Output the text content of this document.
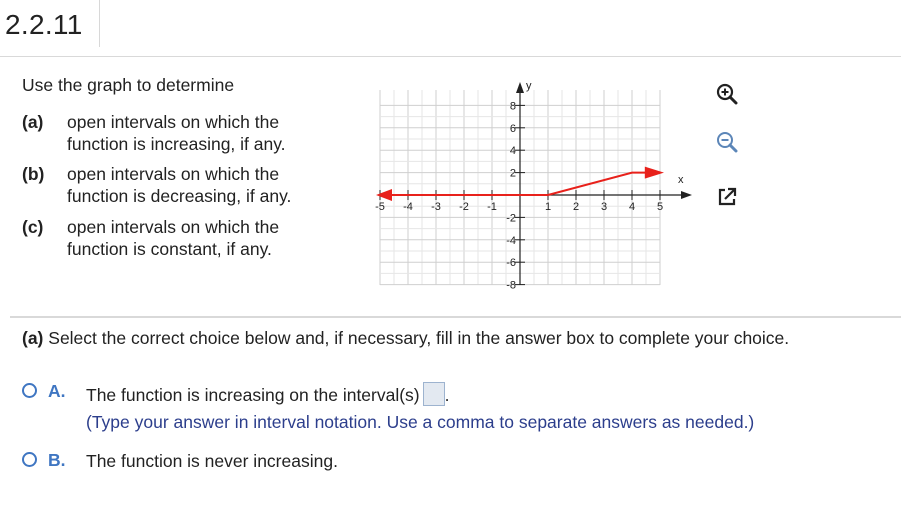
2.2.11
Use the graph to determine
(a) open intervals on which the
function is increasing, if any.
(b) open intervals on which the
function is decreasing, if any.
(c) open intervals on which the
function is constant, if any.
x
y
-5 -4 -3 -2 -1	1 2 3 4 5
8
6
4
2
-2
-4
-6
-8
(a) Select the correct choice below and, if necessary, fill in the answer box to complete your choice.
A. The function is increasing on the interval(s) .
(Type your answer in interval notation. Use a comma to separate answers as needed.)
B. The function is never increasing.
